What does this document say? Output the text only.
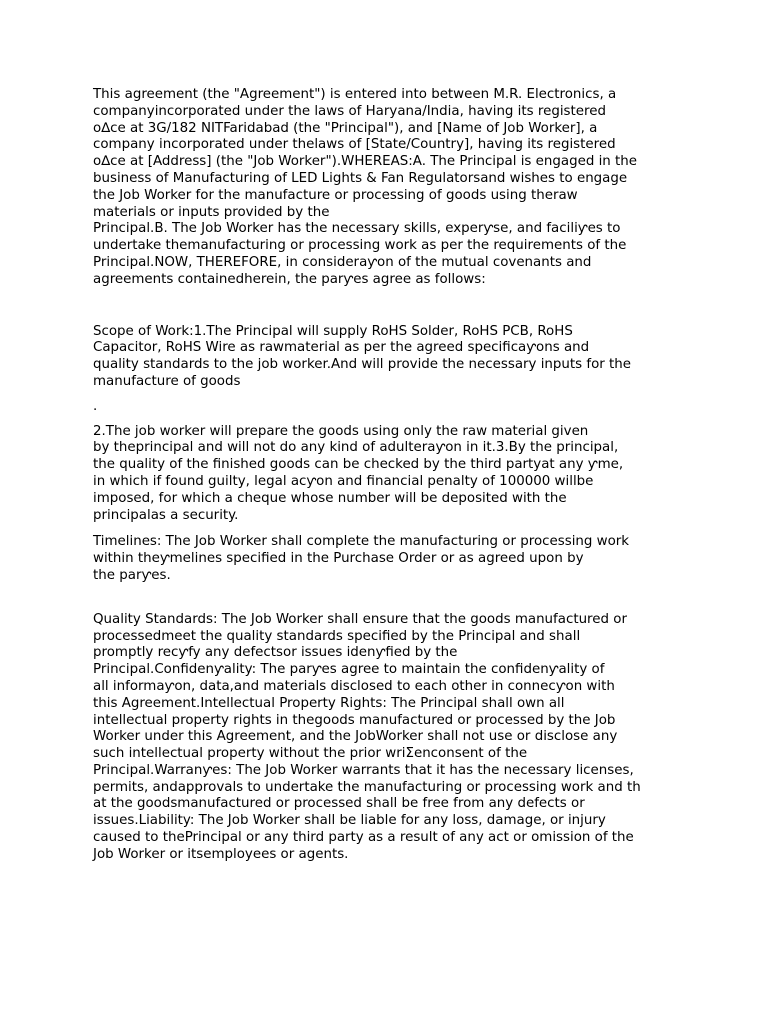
This agreement (the "Agreement") is entered into between M.R. Electronics, a
companyincorporated under the laws of Haryana/India, having its registered
o∆ce at 3G/182 NITFaridabad (the "Principal"), and [Name of Job Worker], a
company incorporated under thelaws of [State/Country], having its registered
o∆ce at [Address] (the "Job Worker").WHEREAS:A. The Principal is engaged in the
business of Manufacturing of LED Lights & Fan Regulatorsand wishes to engage
the Job Worker for the manufacture or processing of goods using theraw
materials or inputs provided by the
Principal.B. The Job Worker has the necessary skills, experƴse, and faciliƴes to
undertake themanufacturing or processing work as per the requirements of the
Principal.NOW, THEREFORE, in consideraƴon of the mutual covenants and
agreements containedherein, the parƴes agree as follows:

Scope of Work:1.The Principal will supply RoHS Solder, RoHS PCB, RoHS
Capacitor, RoHS Wire as rawmaterial as per the agreed speciﬁcaƴons and
quality standards to the job worker.And will provide the necessary inputs for the
manufacture of goods

.

2.The job worker will prepare the goods using only the raw material given
by theprincipal and will not do any kind of adulteraƴon in it.3.By the principal,
the quality of the ﬁnished goods can be checked by the third partyat any ƴme,
in which if found guilty, legal acƴon and ﬁnancial penalty of 100000 willbe
imposed, for which a cheque whose number will be deposited with the
principalas a security.

Timelines: The Job Worker shall complete the manufacturing or processing work
within theƴmelines speciﬁed in the Purchase Order or as agreed upon by
the parƴes.

Quality Standards: The Job Worker shall ensure that the goods manufactured or
processedmeet the quality standards speciﬁed by the Principal and shall
promptly recƴfy any defectsor issues idenƴﬁed by the
Principal.Conﬁdenƴality: The parƴes agree to maintain the conﬁdenƴality of
all informaƴon, data,and materials disclosed to each other in connecƴon with
this Agreement.Intellectual Property Rights: The Principal shall own all
intellectual property rights in thegoods manufactured or processed by the Job
Worker under this Agreement, and the JobWorker shall not use or disclose any
such intellectual property without the prior wriƩenconsent of the
Principal.Warranƴes: The Job Worker warrants that it has the necessary licenses,
permits, andapprovals to undertake the manufacturing or processing work and th
at the goodsmanufactured or processed shall be free from any defects or
issues.Liability: The Job Worker shall be liable for any loss, damage, or injury
caused to thePrincipal or any third party as a result of any act or omission of the
Job Worker or itsemployees or agents.
